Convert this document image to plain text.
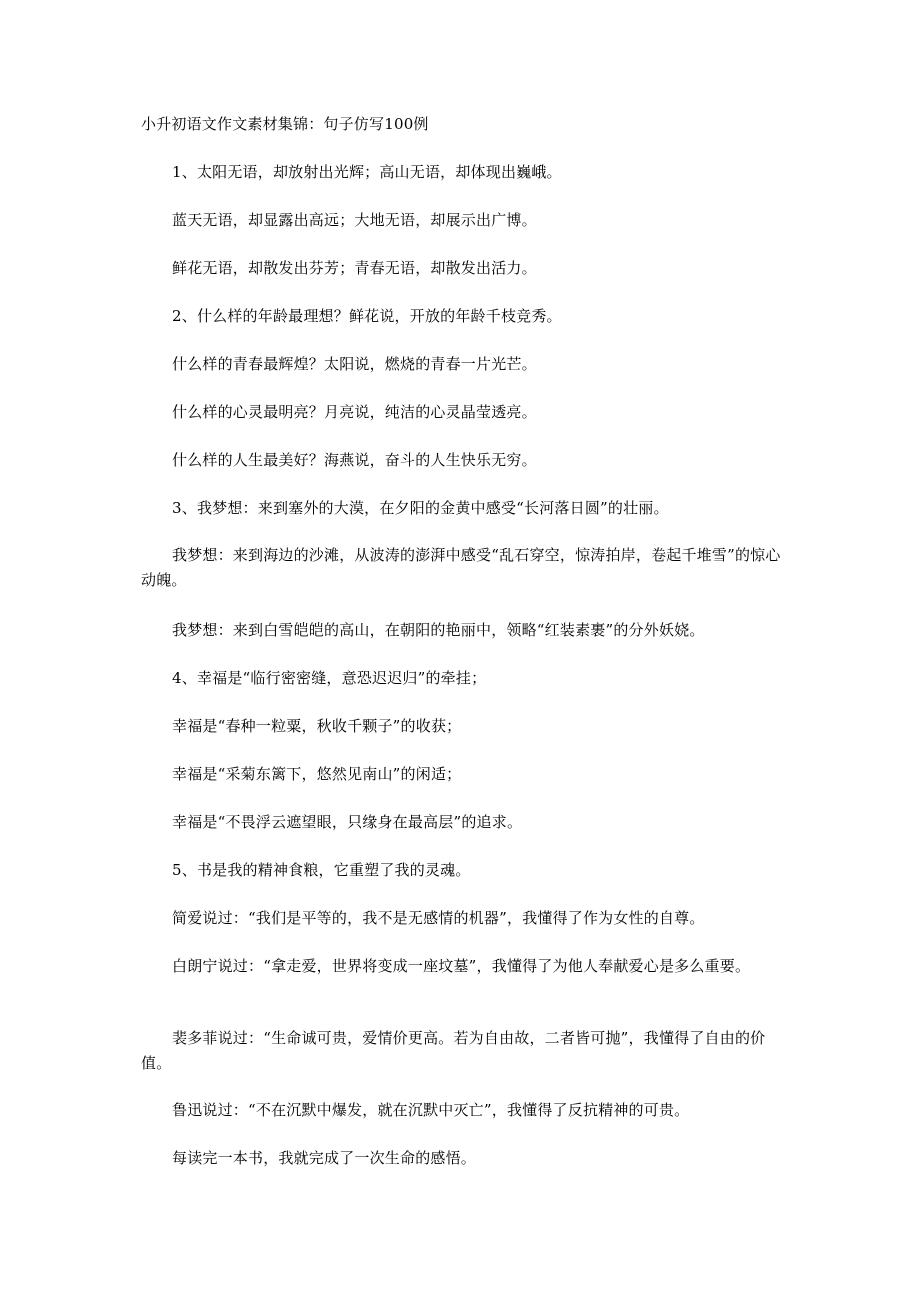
小升初语文作文素材集锦：句子仿写100例
1、太阳无语，却放射出光辉；高山无语，却体现出巍峨。
蓝天无语，却显露出高远；大地无语，却展示出广博。
鲜花无语，却散发出芬芳；青春无语，却散发出活力。
2、什么样的年龄最理想？鲜花说，开放的年龄千枝竞秀。
什么样的青春最辉煌？太阳说，燃烧的青春一片光芒。
什么样的心灵最明亮？月亮说，纯洁的心灵晶莹透亮。
什么样的人生最美好？海燕说，奋斗的人生快乐无穷。
3、我梦想：来到塞外的大漠，在夕阳的金黄中感受“长河落日圆”的壮丽。
我梦想：来到海边的沙滩，从波涛的澎湃中感受“乱石穿空，惊涛拍岸，卷起千堆雪”的惊心动魄。
我梦想：来到白雪皑皑的高山，在朝阳的艳丽中，领略“红装素裹”的分外妖娆。
4、幸福是“临行密密缝，意恐迟迟归”的牵挂；
幸福是“春种一粒粟，秋收千颗子”的收获；
幸福是“采菊东篱下，悠然见南山”的闲适；
幸福是“不畏浮云遮望眼，只缘身在最高层”的追求。
5、书是我的精神食粮，它重塑了我的灵魂。
简爱说过：“我们是平等的，我不是无感情的机器”，我懂得了作为女性的自尊。
白朗宁说过：“拿走爱，世界将变成一座坟墓”，我懂得了为他人奉献爱心是多么重要。
裴多菲说过：“生命诚可贵，爱情价更高。若为自由故，二者皆可抛”，我懂得了自由的价值。
鲁迅说过：“不在沉默中爆发，就在沉默中灭亡”，我懂得了反抗精神的可贵。
每读完一本书，我就完成了一次生命的感悟。
